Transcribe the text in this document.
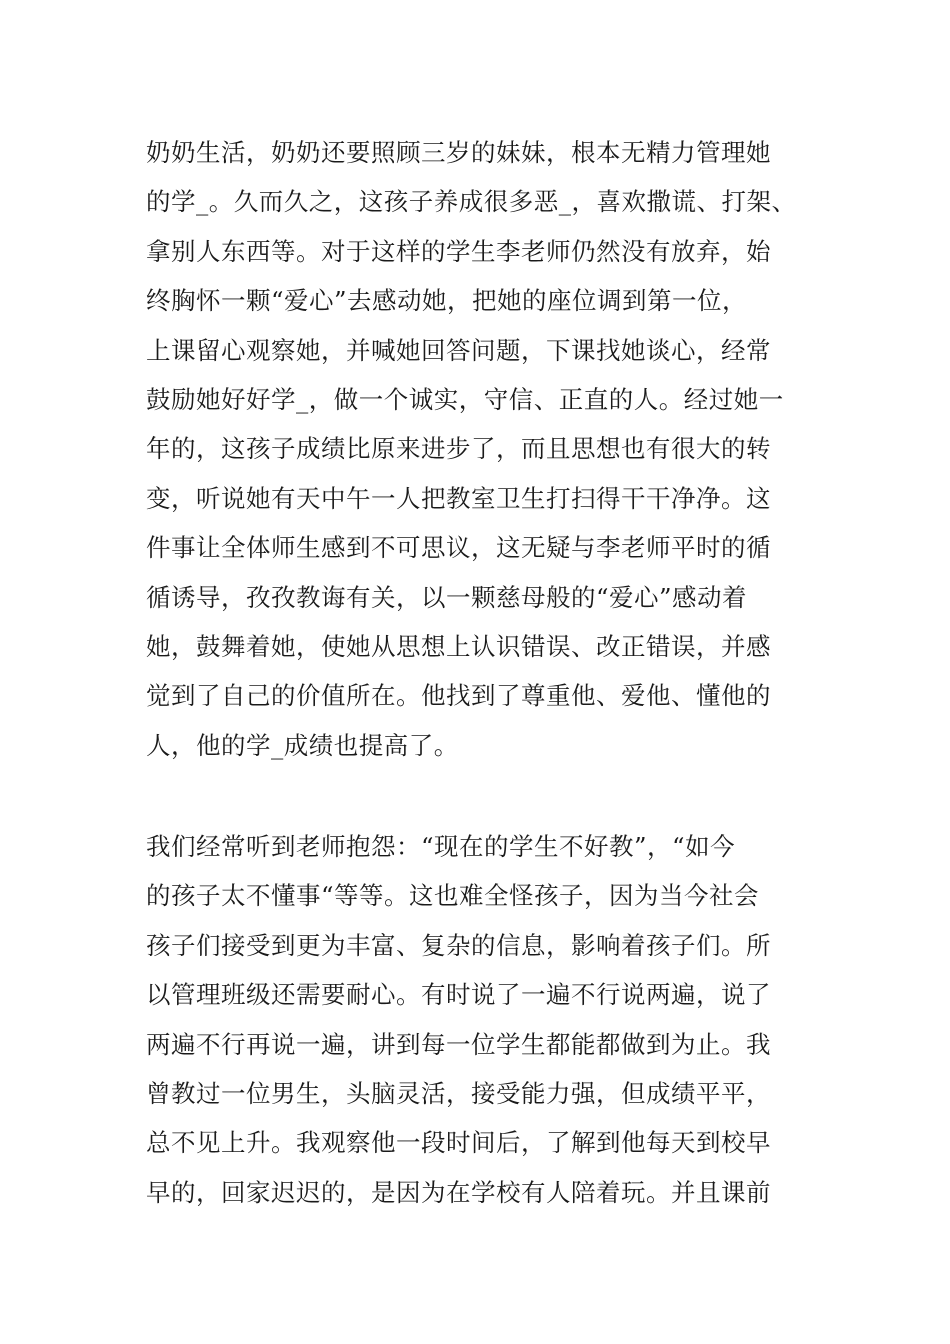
奶奶生活，奶奶还要照顾三岁的妹妹，根本无精力管理她
的学_。久而久之，这孩子养成很多恶_，喜欢撒谎、打架、
拿别人东西等。对于这样的学生李老师仍然没有放弃，始
终胸怀一颗“爱心”去感动她，把她的座位调到第一位，
上课留心观察她，并喊她回答问题，下课找她谈心，经常
鼓励她好好学_，做一个诚实，守信、正直的人。经过她一
年的，这孩子成绩比原来进步了，而且思想也有很大的转
变，听说她有天中午一人把教室卫生打扫得干干净净。这
件事让全体师生感到不可思议，这无疑与李老师平时的循
循诱导，孜孜教诲有关，以一颗慈母般的“爱心”感动着
她，鼓舞着她，使她从思想上认识错误、改正错误，并感
觉到了自己的价值所在。他找到了尊重他、爱他、懂他的
人，他的学_成绩也提高了。
我们经常听到老师抱怨：“现在的学生不好教”，“如今
的孩子太不懂事“等等。这也难全怪孩子，因为当今社会
孩子们接受到更为丰富、复杂的信息，影响着孩子们。所
以管理班级还需要耐心。有时说了一遍不行说两遍，说了
两遍不行再说一遍，讲到每一位学生都能都做到为止。我
曾教过一位男生，头脑灵活，接受能力强，但成绩平平，
总不见上升。我观察他一段时间后，了解到他每天到校早
早的，回家迟迟的，是因为在学校有人陪着玩。并且课前
